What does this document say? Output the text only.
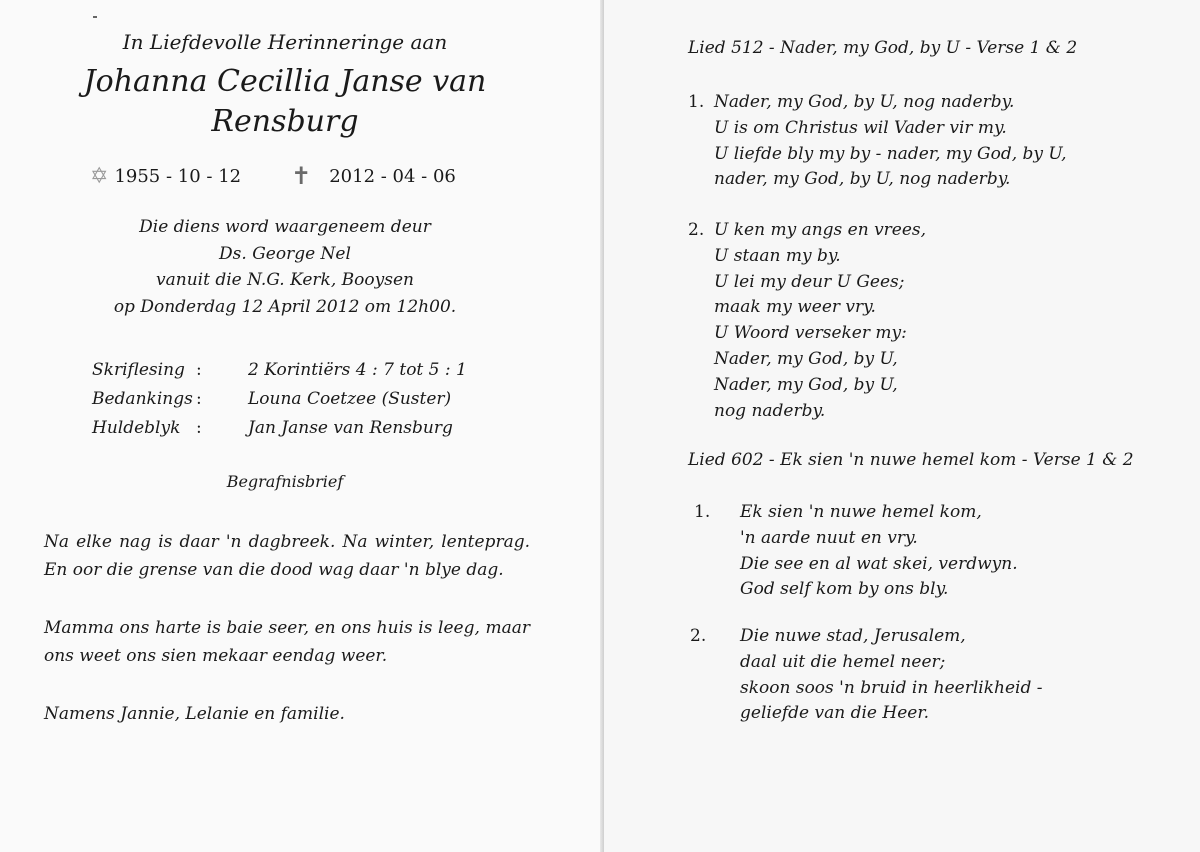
In Liefdevolle Herinneringe aan
Johanna Cecillia Janse van
Rensburg
✡ 1955 - 10 - 12 ✝ 2012 - 04 - 06
Die diens word waargeneem deur
Ds. George Nel
vanuit die N.G. Kerk, Booysen
op Donderdag 12 April 2012 om 12h00.
Skriflesing :	2 Korintiërs 4 : 7 tot 5 : 1
Bedankings :	Louna Coetzee (Suster)
Huldeblyk :	Jan Janse van Rensburg
Begrafnisbrief

Na elke nag is daar 'n dagbreek. Na winter, lenteprag. En oor die grense van die dood wag daar 'n blye dag.

Mamma ons harte is baie seer, en ons huis is leeg, maar ons weet ons sien mekaar eendag weer.

Namens Jannie, Lelanie en familie.

Lied 512 - Nader, my God, by U - Verse 1 & 2
1. Nader, my God, by U, nog naderby.
U is om Christus wil Vader vir my.
U liefde bly my by - nader, my God, by U,
nader, my God, by U, nog naderby.
2. U ken my angs en vrees,
U staan my by.
U lei my deur U Gees;
maak my weer vry.
U Woord verseker my:
Nader, my God, by U,
Nader, my God, by U,
nog naderby.
Lied 602 - Ek sien 'n nuwe hemel kom - Verse 1 & 2
1. Ek sien 'n nuwe hemel kom,
'n aarde nuut en vry.
Die see en al wat skei, verdwyn.
God self kom by ons bly.
2. Die nuwe stad, Jerusalem,
daal uit die hemel neer;
skoon soos 'n bruid in heerlikheid -
geliefde van die Heer.
